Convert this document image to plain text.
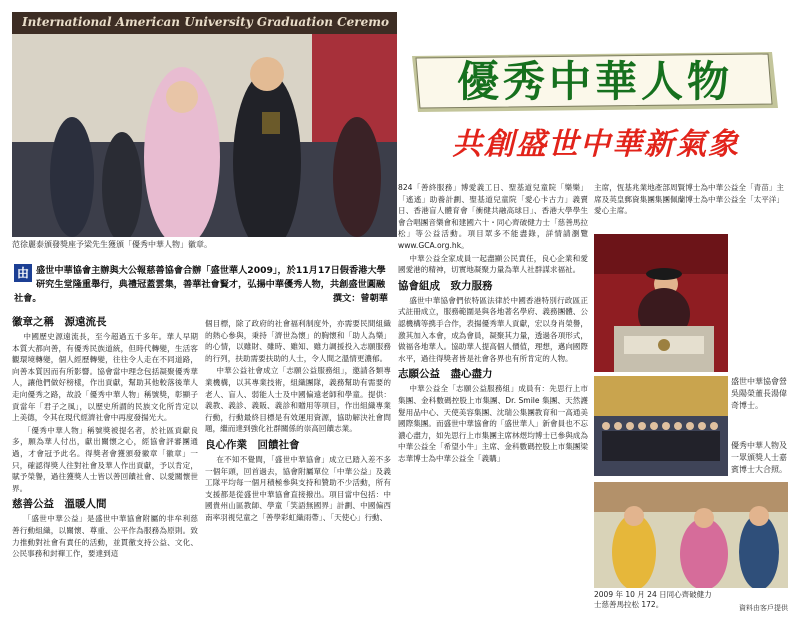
International American University Graduation Ceremo
范徐麗泰頒發獎座予梁先生獲頒「優秀中華人物」徽章。
優秀中華人物
共創盛世中華新氣象
由 盛世中華協會主辦與大公報慈善協會合辦「盛世華人2009」，於11月17日假香港大學研究生堂隆重舉行，典禮冠蓋雲集，善華社會賢才，弘揚中華優秀人物，共創盛世圓融社會。	撰文：曾朝華
徽章之稱　源遠流長
中國歷史源遠流長，至今超過五千多年。華人早期本質大都向善，有優秀民族道統，但時代轉變，生活客觀環境轉變，個人經歷轉變，往往令人走在不同道路，向善本質因而有所影響。協會當中理念包括凝聚優秀華人，讓他們做好榜樣，作出貢獻，幫助其他較落後華人走向優秀之路，故設「優秀中華人物」稱號獎，彰顯子貢當年「君子之風」，以歷史所謂的民族文化所肯定以上美德，令其在現代經濟社會中再度發揚光大。
「優秀中華人物」稱號獎被提名者，於社區貢獻良多，願為華人付出，獻出關懷之心，經協會評審團通過，才會冠予此名。得獎者會獲頒發徽章「徽章」一只，確認得獎人往對社會及華人作出貢獻，予以肯定，賦予榮譽，過往獲獎人士皆以善回饋社會、以愛關懷世界。
慈善公益　溫暖人間
「盛世中華公益」是盛世中華協會附屬的非牟利慈善行動組織，以關懷、尊重、公平作為服務為原則。致力推動對社會有責任的活動，並貫徹支持公益、文化、公民事務和封禪工作，要達到這
個目標，除了政府的社會福利制度外，亦需要民間組織的熱心參與，秉持「濟世為懷」的胸懷和「助人為樂」的心情，以雖財、雖時、雖知、雖力調援投入志願服務的行列，扶助需要扶助的人士，令人間之溫情更濃郁。
中華公益社會成立「志願公益服務組」，邀請各類專業機構，以其專業技術，組織團隊，義務幫助有需要的老人、盲人、弱能人士及中國偏遠老師和學童。提供：義教、義診、義販、義診和贈用等項目，作出組織專業行動，行動最終目標是有效運用資源，協助解決社會問題，繼而達到強化社群關係的崇高回饋志業。
良心作業　回饋社會
在不知不覺間，「盛世中華協會」成立已踏入差不多一個年頭，回首過去，協會附屬單位「中華公益」及義工隊平均每一個月積極參與支持和贊助不少活動，所有支援都是從盛世中華協會直接撥出。項目當中包括：中國貴州山區教師、學童「笑語無國界」計劃、中國偏西南率羽視兒童之「善學彩虹織雨帶」、「天使心」行動、
824「善終服務」博愛義工日、聖基道兒童院「樂樂」「遙遙」助養計劃、聖基道兒童院「愛心卡古力」義賣日、香港盲人體育會「衝健共融高球日」、香港大學學生會合唱團音樂會和建國六十・同心齊破健力士「慈善馬拉松」等公益活動。項目眾多不能盡錄，詳情請瀏覽 www.GCA.org.hk。
中華公益全家成員一起盡顯公民責任，良心企業和愛國愛港的精神，切實地凝聚力量為華人社群謀求福祉。
協會組成　致力服務
盛世中華協會們依特區法律於中國香港特別行政區正式註冊成立，服務範圍是與各地著名學府、義務團體、公認機構等携手合作，表揚優秀華人貢獻，宏以身肖榮譽，激其加入本會，成為會員，凝聚其力量，透過各項形式，做福各地華人。協助華人提高個人價值，理想，邁向國際水平，過往得獎者皆是社會各界也有所肯定的人物。
志願公益　盡心盡力
中華公益全「志願公益服務組」成員有：先思行上市集團、金科數碼控股上市集團、Dr. Smile 集團、天然護髮用品中心、天使美容集團、沈瑞公集團教育和一高通美國際集團。而盛世中華協會的「盛世華人」新會員也不忘濃心盡力，如先思行上市集團主席林煜均博士已參與成為中華公益全「希望小牛」主席、金科數碼控股上市集團梁志華博士為中華公益全「義購」
主席，恆基兆業地產部周賢博士為中華公益全「青苗」主席及英皇郵資集團集團佩蘭博士為中華公益全「太平洋」愛心主席。
盛世中華協會營吳陽榮董長湯偉奇博士。
優秀中華人物及一眾頒獎人士嘉賓博士大合照。
2009 年 10 月 24 日同心齊破健力士慈善馬拉松 172。	資料由客戶提供
